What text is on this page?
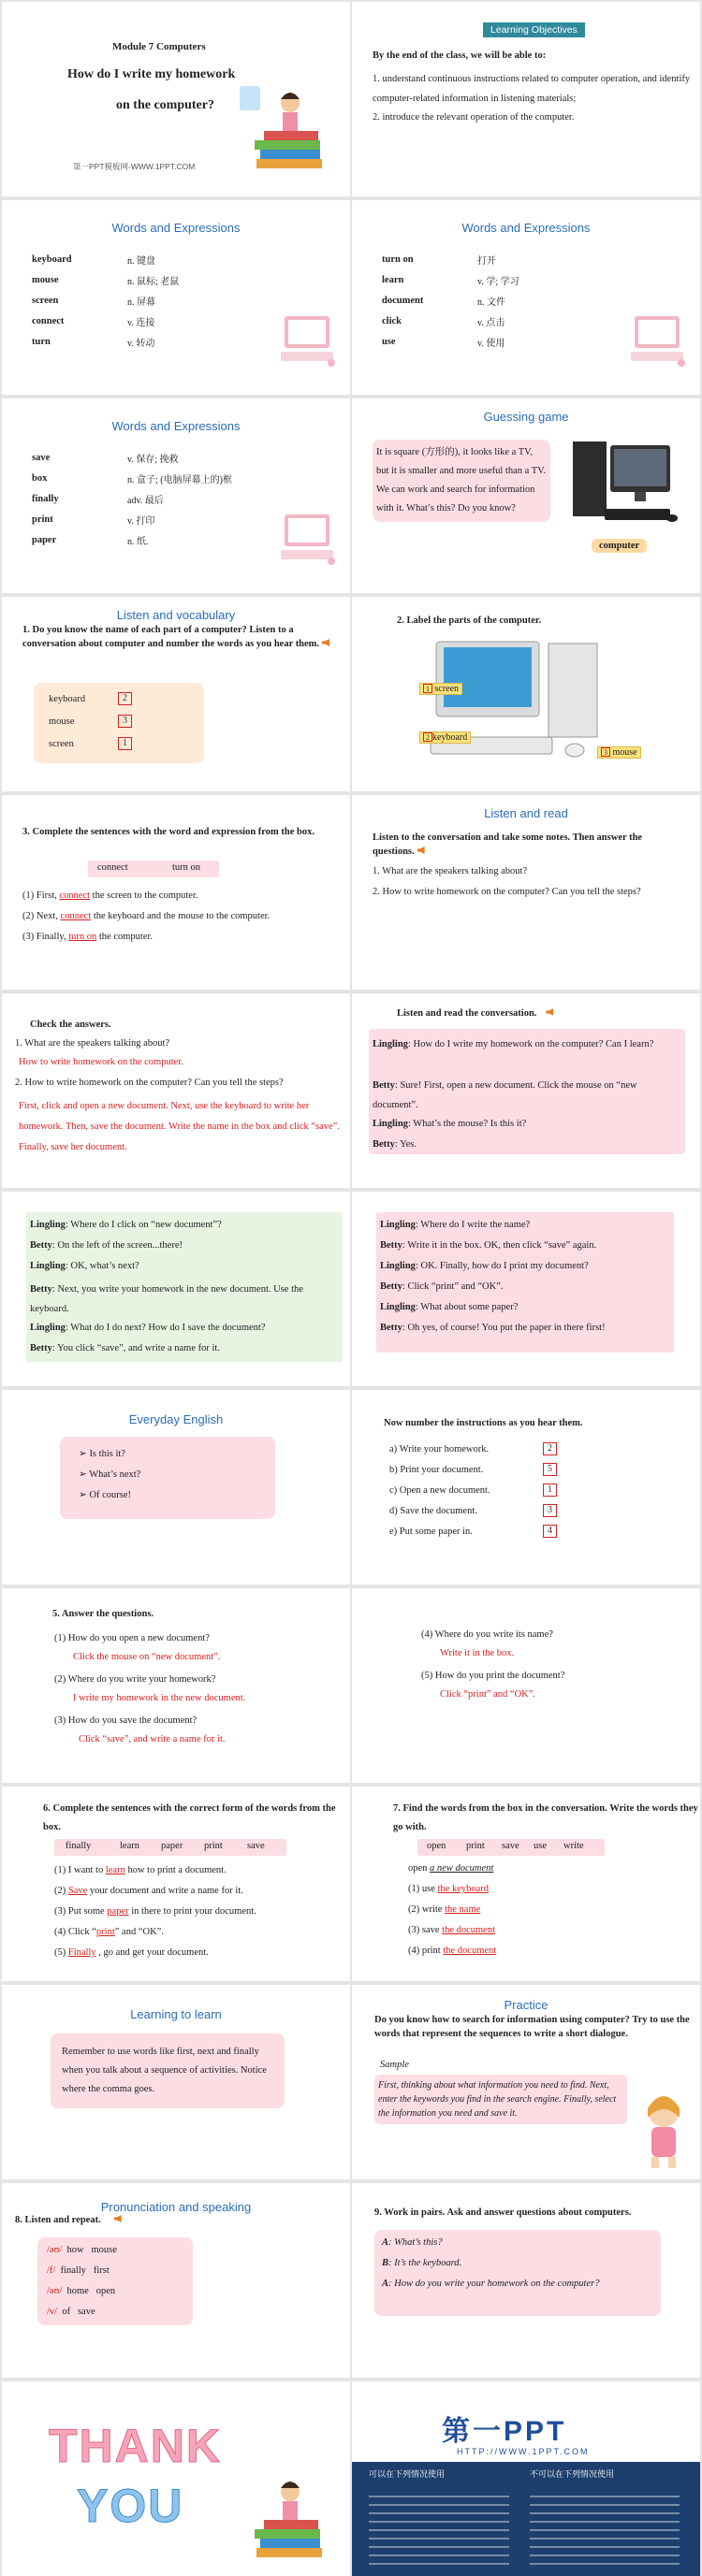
Module 7 Computers
How do I write my homework
on the computer?
第一PPT模板网-WWW.1PPT.COM
Learning Objectives
By the end of the class, we will be able to:
1. understand continuous instructions related to computer operation, and identify computer-related information in listening materials;
2. introduce the relevant operation of the computer.
Words and Expressions
keyboard	n. 键盘
mouse	n. 鼠标; 老鼠
screen	n. 屏幕
connect	v. 连接
turn	v. 转动
Words and Expressions
turn on	打开
learn	v. 学; 学习
document	n. 文件
click	v. 点击
use	v. 使用
Words and Expressions
save	v. 保存; 挽救
box	n. 盒子; (电脑屏幕上的)框
finally	adv. 最后
print	v. 打印
paper	n. 纸.
Guessing game
It is square (方形的), it looks like a TV, but it is smaller and more useful than a TV. We can work and search for information with it. What’s this? Do you know?
computer
Listen and vocabulary
1. Do you know the name of each part of a computer? Listen to a conversation about computer and number the words as you hear them.
keyboard	2
mouse	3
screen	1
2. Label the parts of the computer.
1 screen
2 keyboard
3 mouse
3. Complete the sentences with the word and expression from the box.
connect	turn on
(1) First, connect the screen to the computer.
(2) Next, connect the keyboard and the mouse to the computer.
(3) Finally, turn on the computer.
Listen and read
Listen to the conversation and take some notes. Then answer the questions.
1. What are the speakers talking about?
2. How to write homework on the computer? Can you tell the steps?
Check the answers.
1. What are the speakers talking about?
How to write homework on the computer.
2. How to write homework on the computer? Can you tell the steps?
First, click and open a new document. Next, use the keyboard to write her homework. Then, save the document. Write the name in the box and click “save”. Finally, save her document.
Listen and read the conversation.
Lingling: How do I write my homework on the computer? Can I learn?
Betty: Sure! First, open a new document. Click the mouse on “new document”.
Lingling: What’s the mouse? Is this it?
Betty: Yes.
Lingling: Where do I click on “new document”?
Betty: On the left of the screen...there!
Lingling: OK, what’s next?
Betty: Next, you write your homework in the new document. Use the keyboard.
Lingling: What do I do next? How do I save the document?
Betty: You click “save”, and write a name for it.
Lingling: Where do I write the name?
Betty: Write it in the box. OK, then click “save” again.
Lingling: OK. Finally, how do I print my document?
Betty: Click “print” and “OK”.
Lingling: What about some paper?
Betty: Oh yes, of course! You put the paper in there first!
Everyday English
➢ Is this it?
➢ What’s next?
➢ Of course!
Now number the instructions as you hear them.
a) Write your homework.	2
b) Print your document.	5
c) Open a new document.	1
d) Save the document.	3
e) Put some paper in.	4
5. Answer the questions.
(1) How do you open a new document?
Click the mouse on “new document”.
(2) Where do you write your homework?
I write my homework in the new document.
(3) How do you save the document?
Click “save”, and write a name for it.
(4) Where do you write its name?
Write it in the box.
(5) How do you print the document?
Click “print” and “OK”.
6. Complete the sentences with the correct form of the words from the box.
finally	learn paper print save
(1) I want to learn how to print a document.
(2) Save your document and write a name for it.
(3) Put some paper in there to print your document.
(4) Click “print” and “OK”.
(5) Finally , go and get your document.
7. Find the words from the box in the conversation. Write the words they go with.
open print save use write
open a new document
(1) use the keyboard
(2) write the name
(3) save the document
(4) print the document
Learning to learn
Remember to use words like first, next and finally when you talk about a sequence of activities. Notice where the comma goes.
Practice
Do you know how to search for information using computer? Try to use the words that represent the sequences to write a short dialogue.
Sample
First, thinking about what information you need to find. Next, enter the keywords you find in the search engine. Finally, select the information you need and save it.
Pronunciation and speaking
8. Listen and repeat.
/əʊ/ how mouse
/f/ finally first
/əʊ/ home open
/v/ of save
9. Work in pairs. Ask and answer questions about computers.
A: What’s this?
B: It’s the keyboard.
A: How do you write your homework on the computer?
THANK
YOU
第一PPT
HTTP://WWW.1PPT.COM
可以在下列情况使用	不可以在下列情况使用
